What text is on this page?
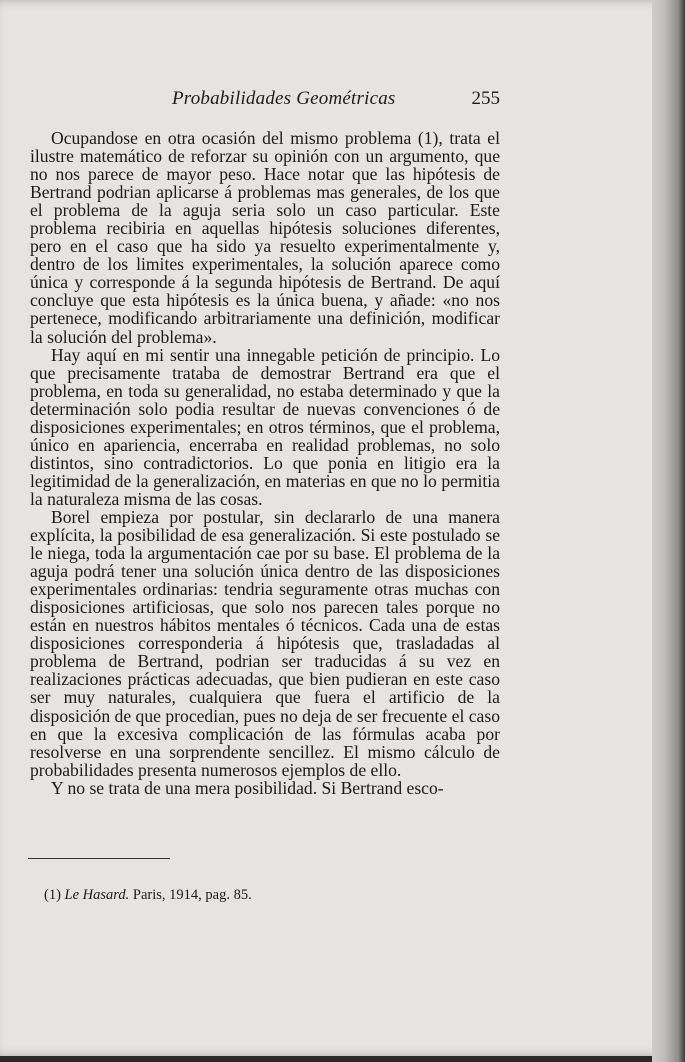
Probabilidades Geométricas	255

Ocupandose en otra ocasión del mismo problema (1), trata el ilustre matemático de reforzar su opinión con un argumento, que no nos parece de mayor peso. Hace notar que las hipótesis de Bertrand podrian aplicarse á problemas mas generales, de los que el problema de la aguja seria solo un caso particular. Este problema recibiria en aquellas hipótesis soluciones diferentes, pero en el caso que ha sido ya resuelto experimentalmente y, dentro de los limites experimentales, la solución aparece como única y corresponde á la segunda hipótesis de Bertrand. De aquí concluye que esta hipótesis es la única buena, y añade: «no nos pertenece, modificando arbitrariamente una definición, modificar la solución del problema».

Hay aquí en mi sentir una innegable petición de principio. Lo que precisamente trataba de demostrar Bertrand era que el problema, en toda su generalidad, no estaba determinado y que la determinación solo podia resultar de nuevas convenciones ó de disposiciones experimentales; en otros términos, que el problema, único en apariencia, encerraba en realidad problemas, no solo distintos, sino contradictorios. Lo que ponia en litigio era la legitimidad de la generalización, en materias en que no lo permitia la naturaleza misma de las cosas.

Borel empieza por postular, sin declararlo de una manera explícita, la posibilidad de esa generalización. Si este postulado se le niega, toda la argumentación cae por su base. El problema de la aguja podrá tener una solución única dentro de las disposiciones experimentales ordinarias: tendria seguramente otras muchas con disposiciones artificiosas, que solo nos parecen tales porque no están en nuestros hábitos mentales ó técnicos. Cada una de estas disposiciones corresponderia á hipótesis que, trasladadas al problema de Bertrand, podrian ser traducidas á su vez en realizaciones prácticas adecuadas, que bien pudieran en este caso ser muy naturales, cualquiera que fuera el artificio de la disposición de que procedian, pues no deja de ser frecuente el caso en que la excesiva complicación de las fórmulas acaba por resolverse en una sorprendente sencillez. El mismo cálculo de probabilidades presenta numerosos ejemplos de ello.

Y no se trata de una mera posibilidad. Si Bertrand esco-

(1) Le Hasard. Paris, 1914, pag. 85.
